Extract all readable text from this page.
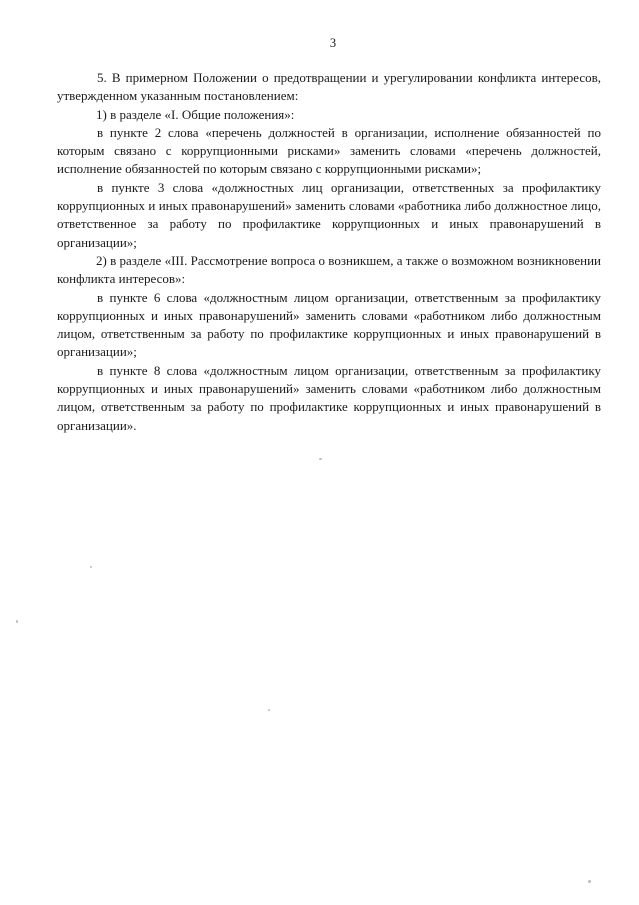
3

5. В примерном Положении о предотвращении и урегулировании конфликта интересов, утвержденном указанным постановлением:

1) в разделе «I. Общие положения»:

в пункте 2 слова «перечень должностей в организации, исполнение обязанностей по которым связано с коррупционными рисками» заменить словами «перечень должностей, исполнение обязанностей по которым связано с коррупционными рисками»;

в пункте 3 слова «должностных лиц организации, ответственных за профилактику коррупционных и иных правонарушений» заменить словами «работника либо должностное лицо, ответственное за работу по профилактике коррупционных и иных правонарушений в организации»;

2) в разделе «III. Рассмотрение вопроса о возникшем, а также о возможном возникновении конфликта интересов»:

в пункте 6 слова «должностным лицом организации, ответственным за профилактику коррупционных и иных правонарушений» заменить словами «работником либо должностным лицом, ответственным за работу по профилактике коррупционных и иных правонарушений в организации»;

в пункте 8 слова «должностным лицом организации, ответственным за профилактику коррупционных и иных правонарушений» заменить словами «работником либо должностным лицом, ответственным за работу по профилактике коррупционных и иных правонарушений в организации».
